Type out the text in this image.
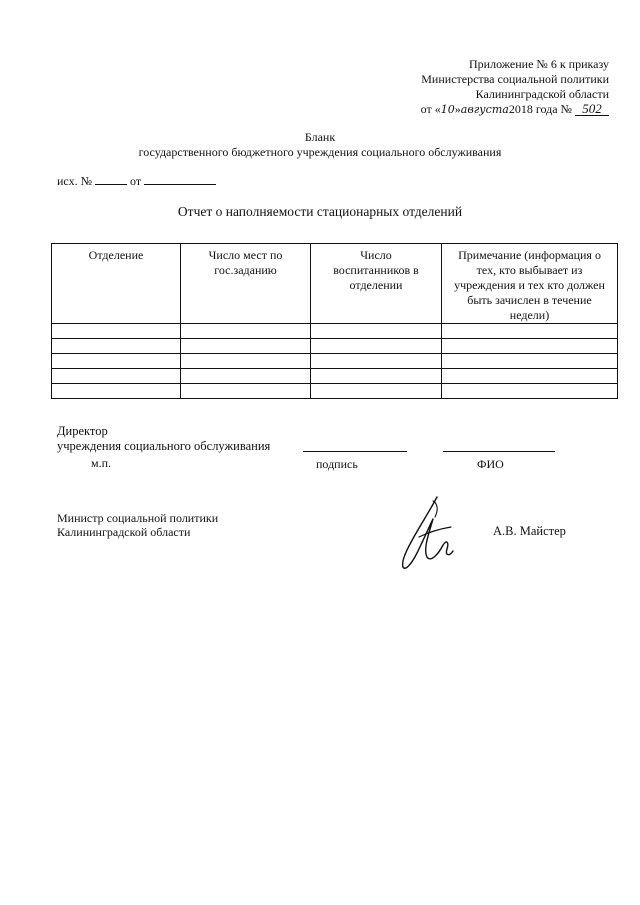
Приложение № 6 к приказу
Министерства социальной политики
Калининградской области
от «10»августа2018 года № 502
Бланк
государственного бюджетного учреждения социального обслуживания
исх. №	от
Отчет о наполняемости стационарных отделений
Отделение	Число мест по гос.заданию	Число воспитанников в отделении	Примечание (информация о тех, кто выбывает из учреждения и тех кто должен быть зачислен в течение недели)

Директор
учреждения социального обслуживания
м.п.	подпись	ФИО
Министр социальной политики
Калининградской области	А.В. Майстер
